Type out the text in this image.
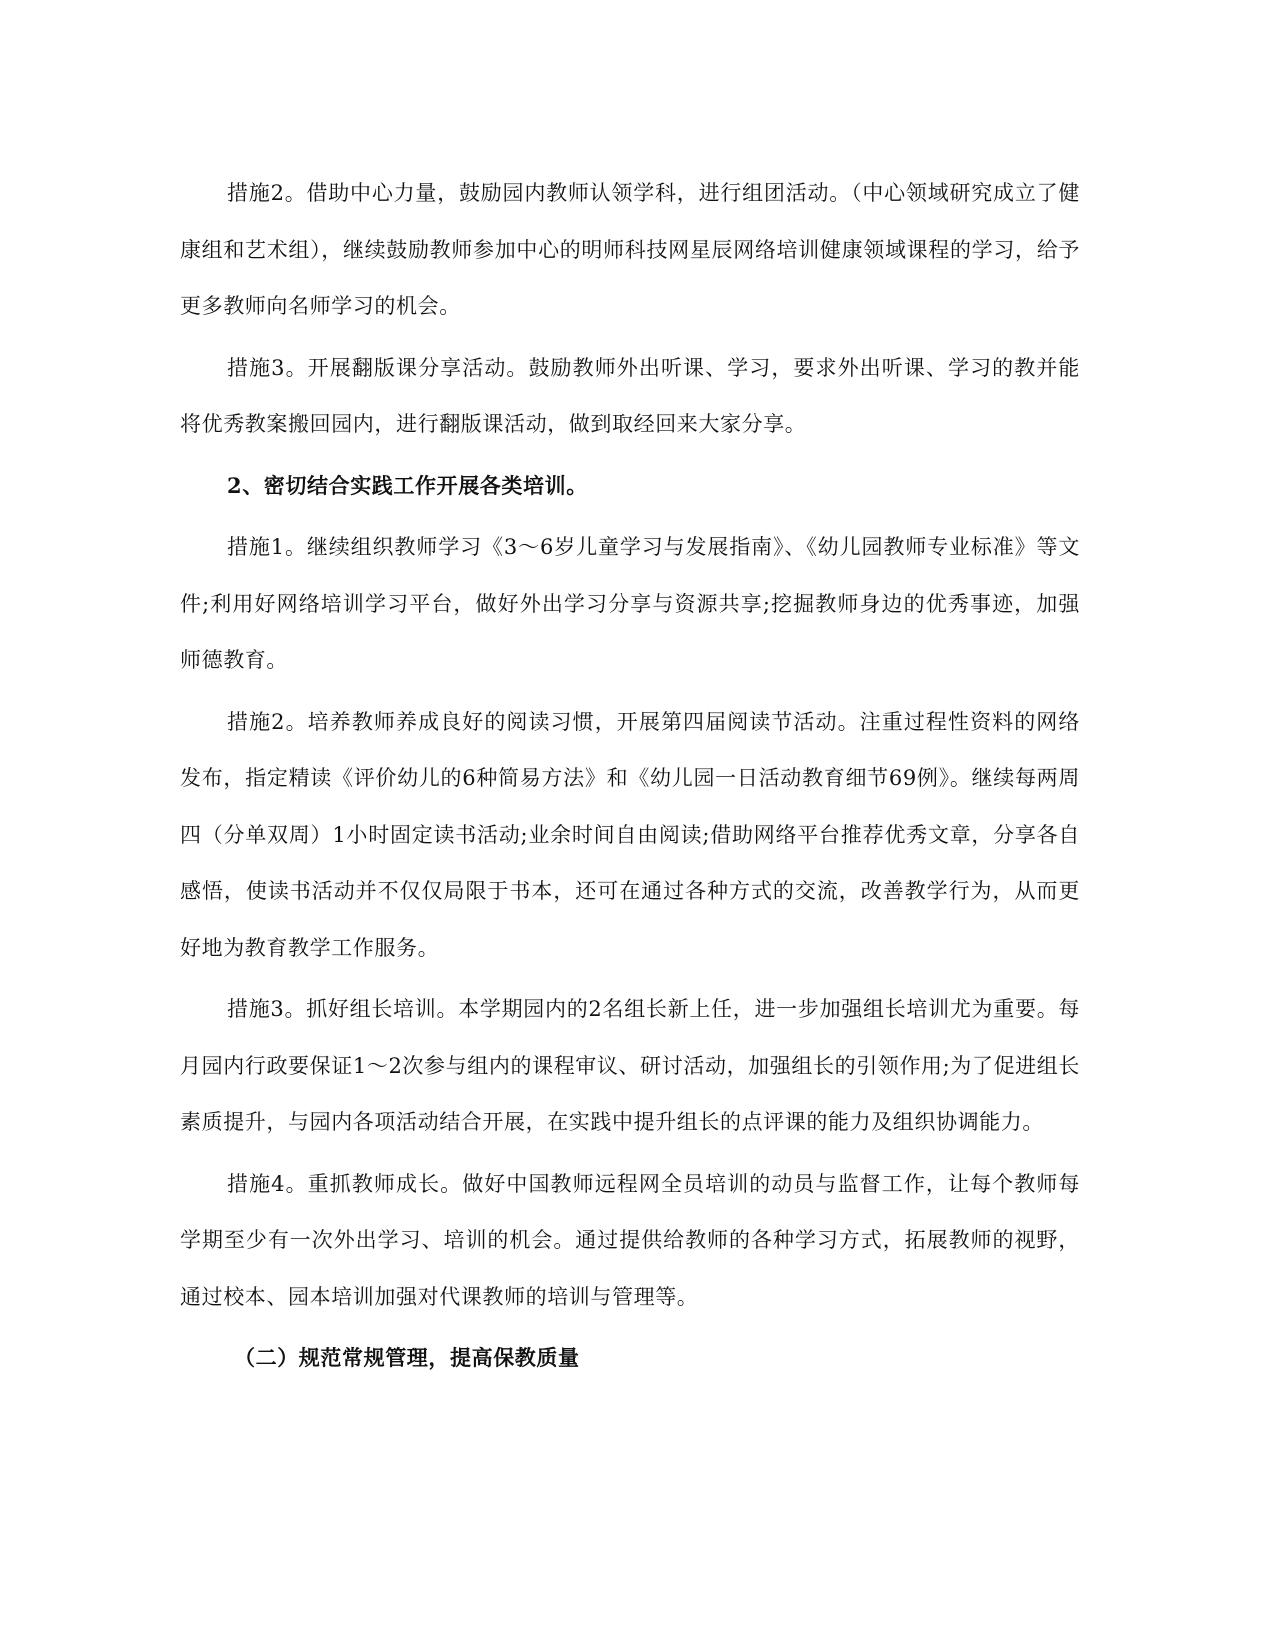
措施2。借助中心力量，鼓励园内教师认领学科，进行组团活动。（中心领域研究成立了健康组和艺术组），继续鼓励教师参加中心的明师科技网星辰网络培训健康领域课程的学习，给予更多教师向名师学习的机会。

措施3。开展翻版课分享活动。鼓励教师外出听课、学习，要求外出听课、学习的教并能将优秀教案搬回园内，进行翻版课活动，做到取经回来大家分享。

2、密切结合实践工作开展各类培训。

措施1。继续组织教师学习《3～6岁儿童学习与发展指南》、《幼儿园教师专业标准》等文件;利用好网络培训学习平台，做好外出学习分享与资源共享;挖掘教师身边的优秀事迹，加强师德教育。

措施2。培养教师养成良好的阅读习惯，开展第四届阅读节活动。注重过程性资料的网络发布，指定精读《评价幼儿的6种简易方法》和《幼儿园一日活动教育细节69例》。继续每两周四（分单双周）1小时固定读书活动;业余时间自由阅读;借助网络平台推荐优秀文章，分享各自感悟，使读书活动并不仅仅局限于书本，还可在通过各种方式的交流，改善教学行为，从而更好地为教育教学工作服务。

措施3。抓好组长培训。本学期园内的2名组长新上任，进一步加强组长培训尤为重要。每月园内行政要保证1～2次参与组内的课程审议、研讨活动，加强组长的引领作用;为了促进组长素质提升，与园内各项活动结合开展，在实践中提升组长的点评课的能力及组织协调能力。

措施4。重抓教师成长。做好中国教师远程网全员培训的动员与监督工作，让每个教师每学期至少有一次外出学习、培训的机会。通过提供给教师的各种学习方式，拓展教师的视野，通过校本、园本培训加强对代课教师的培训与管理等。

（二）规范常规管理，提高保教质量
